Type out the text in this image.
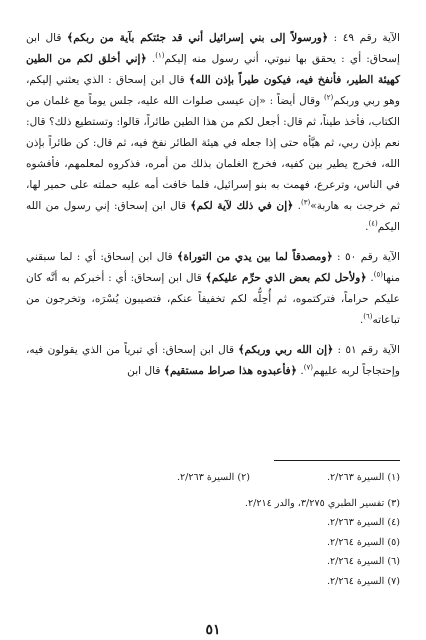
الآية رقم ٤٩ : ﴿ورسولاً إلى بني إسرائيل أني قد جئتكم بآية من ربكم﴾ قال ابن إسحاق: أي : يحقق بها نبوتي، أني رسول منه إليكم$^{(١)}$. ﴿إني أخلق لكم من الطين كهيئة الطير، فأنفخ فيه، فيكون طيراً بإذن الله﴾ قال ابن إسحاق : الذي يعثني إليكم، وهو ربي وربكم$^{(٢)}$ وقال أيضاً : «إن عيسى صلوات الله عليه، جلس يوماً مع غلمان من الكتاب، فأخذ طيناً، ثم قال: أجعل لكم من هذا الطين طائراً، قالوا: وتستطيع ذلك؟ قال: نعم بإذن ربي، ثم هيَّأه حتى إذا جعله في هيئة الطائر نفخ فيه، ثم قال: كن طائراً بإذن الله، فخرج يطير بين كفيه، فخرج الغلمان بذلك من أمره، فذكروه لمعلمهم، فأفشوه في الناس، وترعرع، فهمت به بنو إسرائيل، فلما خافت أمه عليه حملته على حمير لها، ثم خرجت به هاربة»$^{(٣)}$. ﴿إن في ذلك لآية لكم﴾ قال ابن إسحاق: إني رسول من الله اليكم$^{(٤)}$.

الآية رقم ٥٠ : ﴿ومصدقاً لما بين يدي من التوراة﴾ قال ابن إسحاق: أي : لما سبقني منها$^{(٥)}$. ﴿ولأحل لكم بعض الذي حرِّم عليكم﴾ قال ابن إسحاق: أي : أخبركم به أنَّه كان عليكم حراماً، فتركتموه، ثم أُحِلُّه لكم تخفيفاً عنكم، فتصيبون يُسْرَه، وتخرجون من تباعاته$^{(٦)}$.

الآية رقم ٥١ : ﴿إن الله ربي وربكم﴾ قال ابن إسحاق: أي تبرياً من الذي يقولون فيه، وإحتجاجاً لربه عليهم$^{(٧)}$. ﴿فأعبدوه هذا صراط مستقيم﴾ قال ابن

(١) السيرة ٢/٢٦٣.
(٢) السيرة ٢/٢٦٣.
(٣) تفسير الطبري ٣/٢٧٥، والدر ٢/٢١٤.
(٤) السيرة ٢/٢٦٣.
(٥) السيرة ٢/٢٦٤.
(٦) السيرة ٢/٢٦٤.
(٧) السيرة ٢/٢٦٤.
٥١
